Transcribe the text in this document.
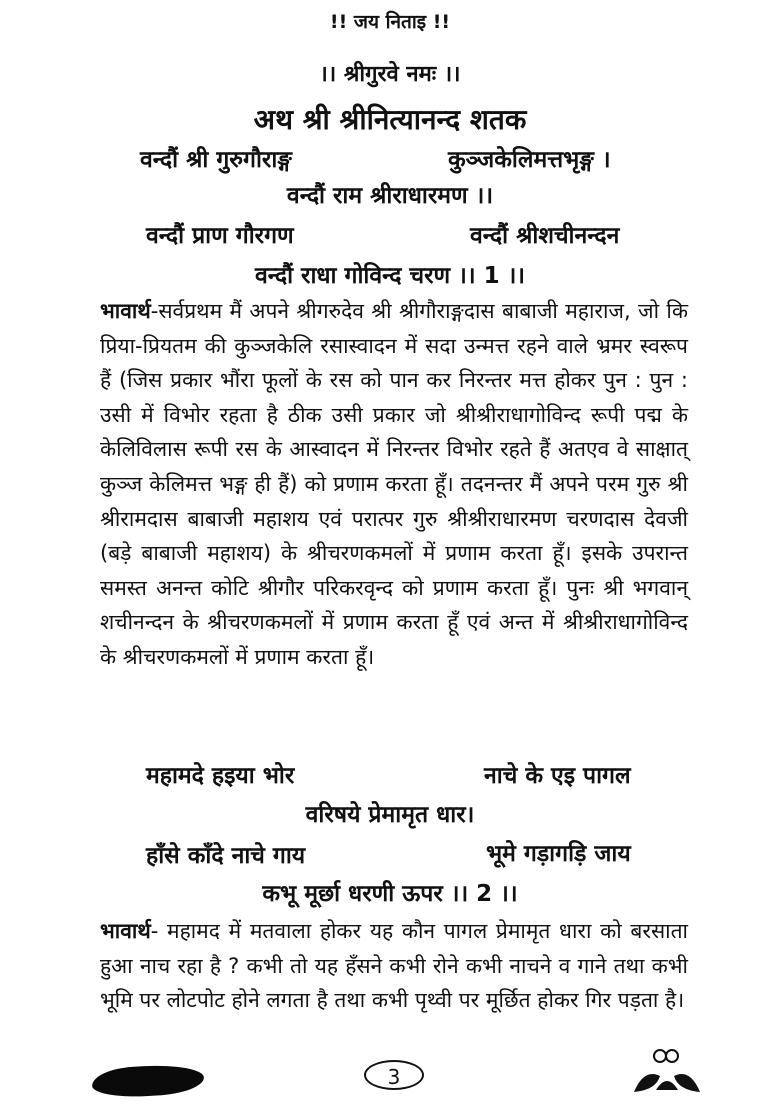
!! जय निताइ !!
।। श्रीगुरवे नमः ।।
अथ श्री श्रीनित्यानन्द शतक
वन्दौं श्री गुरुगौराङ्ग	कुञ्जकेलिमत्तभृङ्ग ।
वन्दौं राम श्रीराधारमण ।।
वन्दौं प्राण गौरगण	वन्दौं श्रीशचीनन्दन
वन्दौं राधा गोविन्द चरण ।। 1 ।।
भावार्थ-सर्वप्रथम मैं अपने श्रीगरुदेव श्री श्रीगौराङ्गदास बाबाजी महाराज, जो कि प्रिया-प्रियतम की कुञ्जकेलि रसास्वादन में सदा उन्मत्त रहने वाले भ्रमर स्वरूप हैं (जिस प्रकार भौंरा फूलों के रस को पान कर निरन्तर मत्त होकर पुन : पुन : उसी में विभोर रहता है ठीक उसी प्रकार जो श्रीश्रीराधागोविन्द रूपी पद्म के केलिविलास रूपी रस के आस्वादन में निरन्तर विभोर रहते हैं अतएव वे साक्षात् कुञ्ज केलिमत्त भङ्ग ही हैं) को प्रणाम करता हूँ। तदनन्तर मैं अपने परम गुरु श्री श्रीरामदास बाबाजी महाशय एवं परात्पर गुरु श्रीश्रीराधारमण चरणदास देवजी (बड़े बाबाजी महाशय) के श्रीचरणकमलों में प्रणाम करता हूँ। इसके उपरान्त समस्त अनन्त कोटि श्रीगौर परिकरवृन्द को प्रणाम करता हूँ। पुनः श्री भगवान् शचीनन्दन के श्रीचरणकमलों में प्रणाम करता हूँ एवं अन्त में श्रीश्रीराधागोविन्द के श्रीचरणकमलों में प्रणाम करता हूँ।
महामदे हइया भोर	नाचे के एइ पागल
वरिषये प्रेमामृत धार।
हाँसे काँदे नाचे गाय	भूमे गड़ागड़ि जाय
कभू मूर्छा धरणी ऊपर ।। 2 ।।
भावार्थ- महामद में मतवाला होकर यह कौन पागल प्रेमामृत धारा को बरसाता हुआ नाच रहा है ? कभी तो यह हँसने कभी रोने कभी नाचने व गाने तथा कभी भूमि पर लोटपोट होने लगता है तथा कभी पृथ्वी पर मूर्छित होकर गिर पड़ता है।
3
